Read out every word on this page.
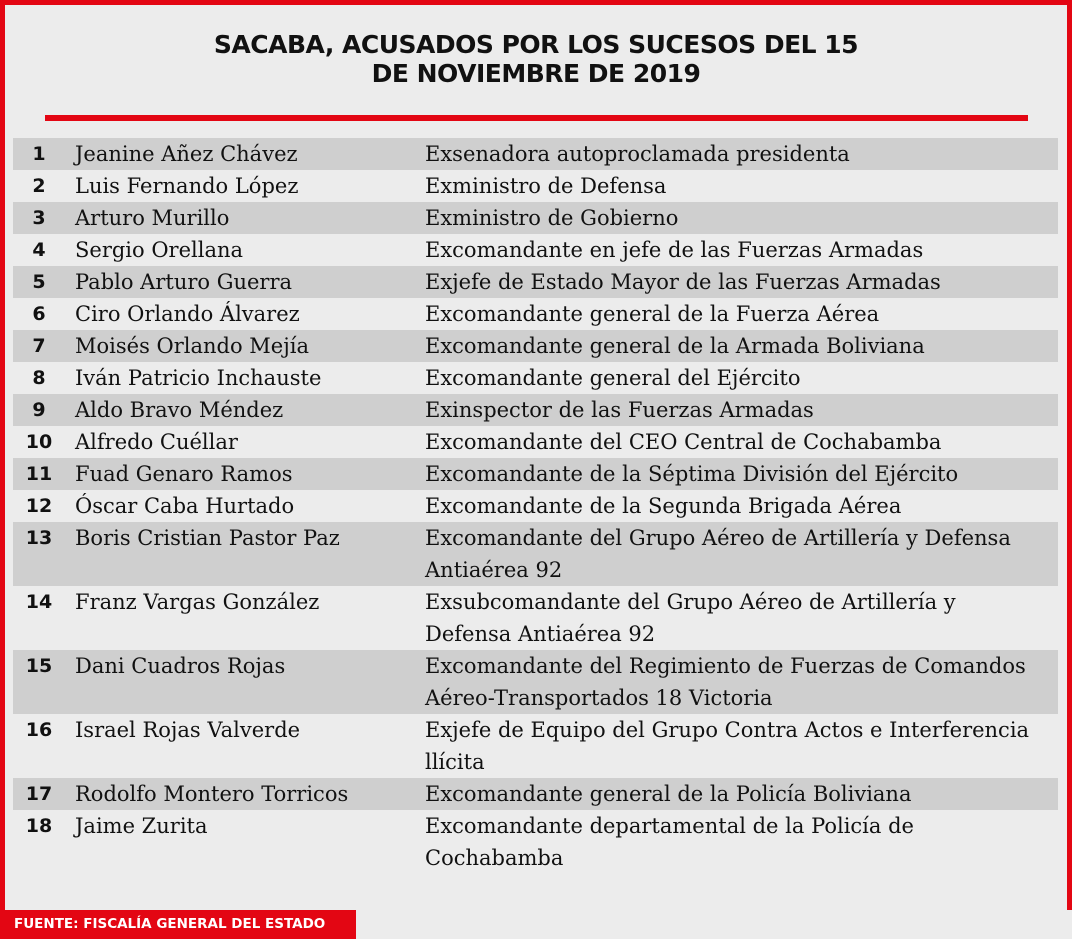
SACABA, ACUSADOS POR LOS SUCESOS DEL 15
DE NOVIEMBRE DE 2019
1	Jeanine Añez Chávez	Exsenadora autoproclamada presidenta
2	Luis Fernando López	Exministro de Defensa
3	Arturo Murillo	Exministro de Gobierno
4	Sergio Orellana	Excomandante en jefe de las Fuerzas Armadas
5	Pablo Arturo Guerra	Exjefe de Estado Mayor de las Fuerzas Armadas
6	Ciro Orlando Álvarez	Excomandante general de la Fuerza Aérea
7	Moisés Orlando Mejía	Excomandante general de la Armada Boliviana
8	Iván Patricio Inchauste	Excomandante general del Ejército
9	Aldo Bravo Méndez	Exinspector de las Fuerzas Armadas
10	Alfredo Cuéllar	Excomandante del CEO Central de Cochabamba
11	Fuad Genaro Ramos	Excomandante de la Séptima División del Ejército
12	Óscar Caba Hurtado	Excomandante de la Segunda Brigada Aérea
13	Boris Cristian Pastor Paz	Excomandante del Grupo Aéreo de Artillería y Defensa Antiaérea 92
14	Franz Vargas González	Exsubcomandante del Grupo Aéreo de Artillería y Defensa Antiaérea 92
15	Dani Cuadros Rojas	Excomandante del Regimiento de Fuerzas de Comandos Aéreo-Transportados 18 Victoria
16	Israel Rojas Valverde	Exjefe de Equipo del Grupo Contra Actos e Interferencia llícita
17	Rodolfo Montero Torricos	Excomandante general de la Policía Boliviana
18	Jaime Zurita	Excomandante departamental de la Policía de Cochabamba
FUENTE: FISCALÍA GENERAL DEL ESTADO
